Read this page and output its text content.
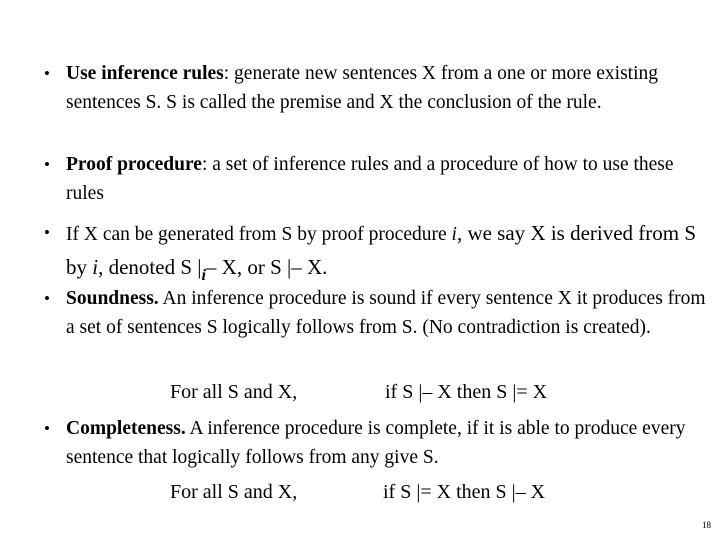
• Use inference rules: generate new sentences X from a one or more existing sentences S. S is called the premise and X the conclusion of the rule.
• Proof procedure: a set of inference rules and a procedure of how to use these rules
• If X can be generated from S by proof procedure i, we say X is derived from S by i, denoted S $|_i-$ X, or S |– X.
• Soundness. An inference procedure is sound if every sentence X it produces from a set of sentences S logically follows from S. (No contradiction is created).
For all S and X,	if S |– X then S |= X
• Completeness. A inference procedure is complete, if it is able to produce every sentence that logically follows from any give S.
For all S and X,	if S |= X then S |– X
18
